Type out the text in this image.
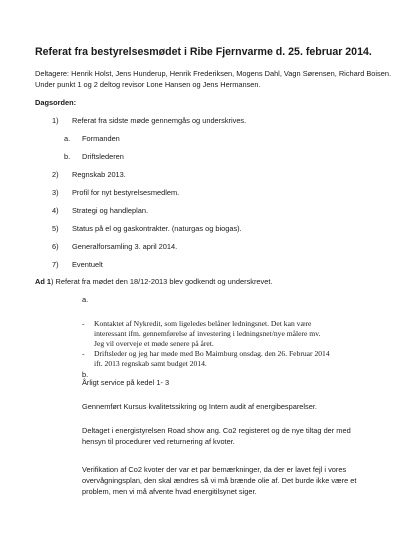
Referat fra bestyrelsesmødet i Ribe Fjernvarme d. 25. februar 2014.
Deltagere: Henrik Holst, Jens Hunderup, Henrik Frederiksen, Mogens Dahl, Vagn Sørensen, Richard Boisen.
Under punkt 1 og 2 deltog revisor Lone Hansen og Jens Hermansen.
Dagsorden:
1) Referat fra sidste møde gennemgås og underskrives.
a. Formanden
b. Driftslederen
2) Regnskab 2013.
3) Profil for nyt bestyrelsesmedlem.
4) Strategi og handleplan.
5) Status på el og gaskontrakter. (naturgas og biogas).
6) Generalforsamling 3. april 2014.
7) Eventuelt
Ad 1) Referat fra mødet den 18/12-2013 blev godkendt og underskrevet.
a.
- Kontaktet af Nykredit, som ligeledes belåner ledningsnet. Det kan være
interessant ifm. gennemførelse af investering i ledningsnet/nye målere mv.
Jeg vil overveje et møde senere på året.
- Driftsleder og jeg har møde med Bo Maimburg onsdag. den 26. Februar 2014
ift. 2013 regnskab samt budget 2014.
b.
Årligt service på kedel 1- 3
Gennemført Kursus kvalitetssikring og Intern audit af energibesparelser.
Deltaget i energistyrelsen Road show ang. Co2 registeret og de nye tiltag der med
hensyn til procedurer ved returnering af kvoter.
Verifikation af Co2 kvoter der var et par bemærkninger, da der er lavet fejl i vores
overvågningsplan, den skal ændres så vi må brænde olie af. Det burde ikke være et
problem, men vi må afvente hvad energitilsynet siger.
